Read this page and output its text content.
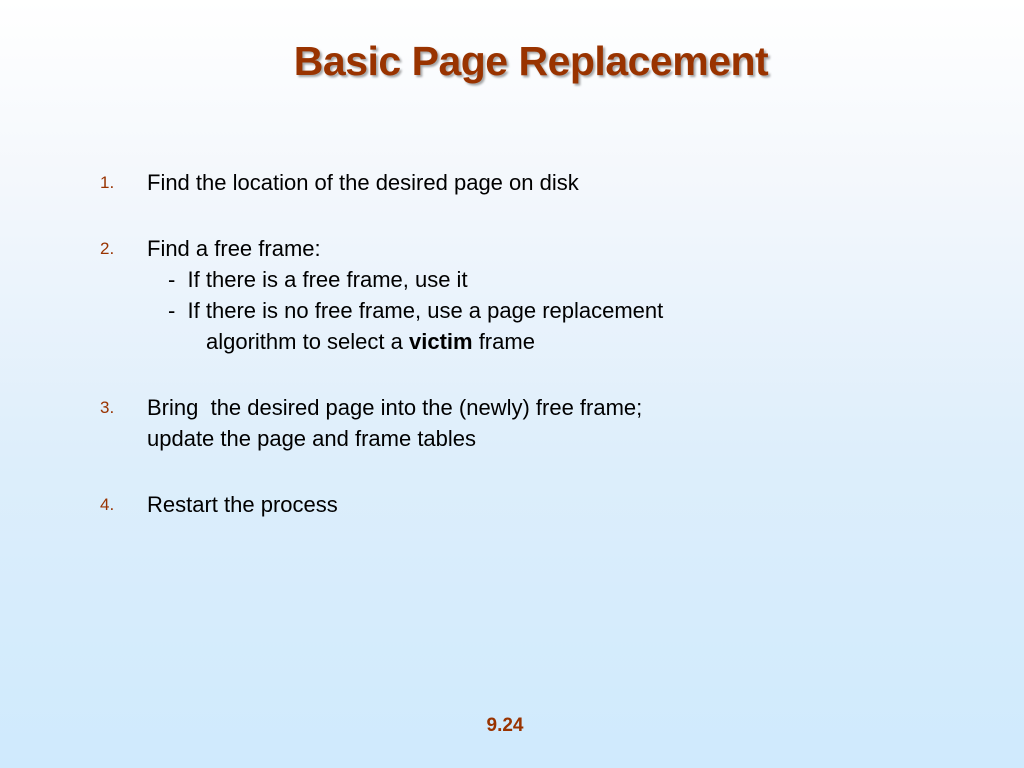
Basic Page Replacement
1. Find the location of the desired page on disk
2. Find a free frame:
-  If there is a free frame, use it
-  If there is no free frame, use a page replacement
algorithm to select a victim frame
3. Bring  the desired page into the (newly) free frame;
update the page and frame tables
4. Restart the process
9.24
